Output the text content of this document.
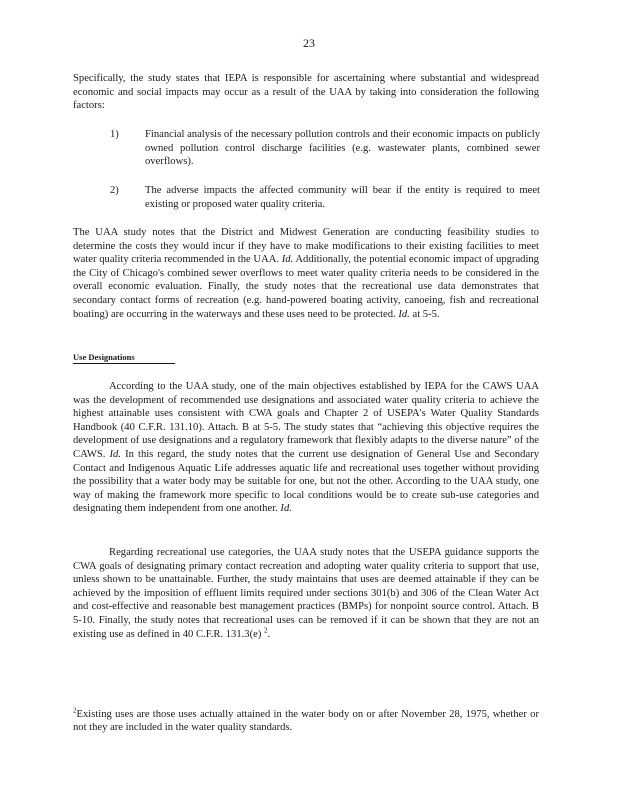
23

Specifically, the study states that IEPA is responsible for ascertaining where substantial and widespread economic and social impacts may occur as a result of the UAA by taking into consideration the following factors:

1) Financial analysis of the necessary pollution controls and their economic impacts on publicly owned pollution control discharge facilities (e.g. wastewater plants, combined sewer overflows).
2) The adverse impacts the affected community will bear if the entity is required to meet existing or proposed water quality criteria.

The UAA study notes that the District and Midwest Generation are conducting feasibility studies to determine the costs they would incur if they have to make modifications to their existing facilities to meet water quality criteria recommended in the UAA. Id. Additionally, the potential economic impact of upgrading the City of Chicago's combined sewer overflows to meet water quality criteria needs to be considered in the overall economic evaluation. Finally, the study notes that the recreational use data demonstrates that secondary contact forms of recreation (e.g. hand-powered boating activity, canoeing, fish and recreational boating) are occurring in the waterways and these uses need to be protected. Id. at 5-5.

Use Designations

According to the UAA study, one of the main objectives established by IEPA for the CAWS UAA was the development of recommended use designations and associated water quality criteria to achieve the highest attainable uses consistent with CWA goals and Chapter 2 of USEPA's Water Quality Standards Handbook (40 C.F.R. 131.10). Attach. B at 5-5. The study states that “achieving this objective requires the development of use designations and a regulatory framework that flexibly adapts to the diverse nature” of the CAWS. Id. In this regard, the study notes that the current use designation of General Use and Secondary Contact and Indigenous Aquatic Life addresses aquatic life and recreational uses together without providing the possibility that a water body may be suitable for one, but not the other. According to the UAA study, one way of making the framework more specific to local conditions would be to create sub-use categories and designating them independent from one another. Id.

Regarding recreational use categories, the UAA study notes that the USEPA guidance supports the CWA goals of designating primary contact recreation and adopting water quality criteria to support that use, unless shown to be unattainable. Further, the study maintains that uses are deemed attainable if they can be achieved by the imposition of effluent limits required under sections 301(b) and 306 of the Clean Water Act and cost-effective and reasonable best management practices (BMPs) for nonpoint source control. Attach. B 5-10. Finally, the study notes that recreational uses can be removed if it can be shown that they are not an existing use as defined in 40 C.F.R. 131.3(e) $^2$.

$^2$Existing uses are those uses actually attained in the water body on or after November 28, 1975, whether or not they are included in the water quality standards.
